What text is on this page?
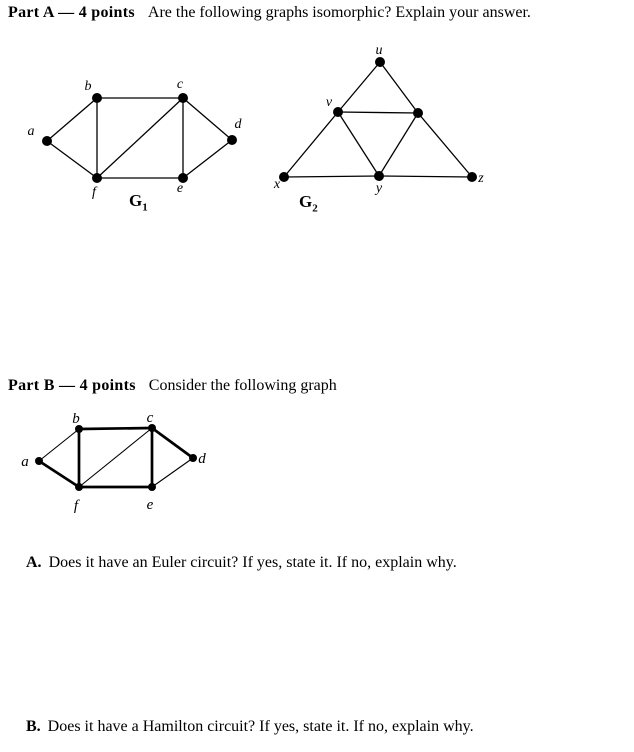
Part A — 4 points Are the following graphs isomorphic? Explain your answer.
a
b	c
d
e
f
u
v
x	y
z
a
b	c
d
e
f
$G_1$	$G_2$
Part B — 4 points Consider the following graph
A. Does it have an Euler circuit? If yes, state it. If no, explain why.
B. Does it have a Hamilton circuit? If yes, state it. If no, explain why.
